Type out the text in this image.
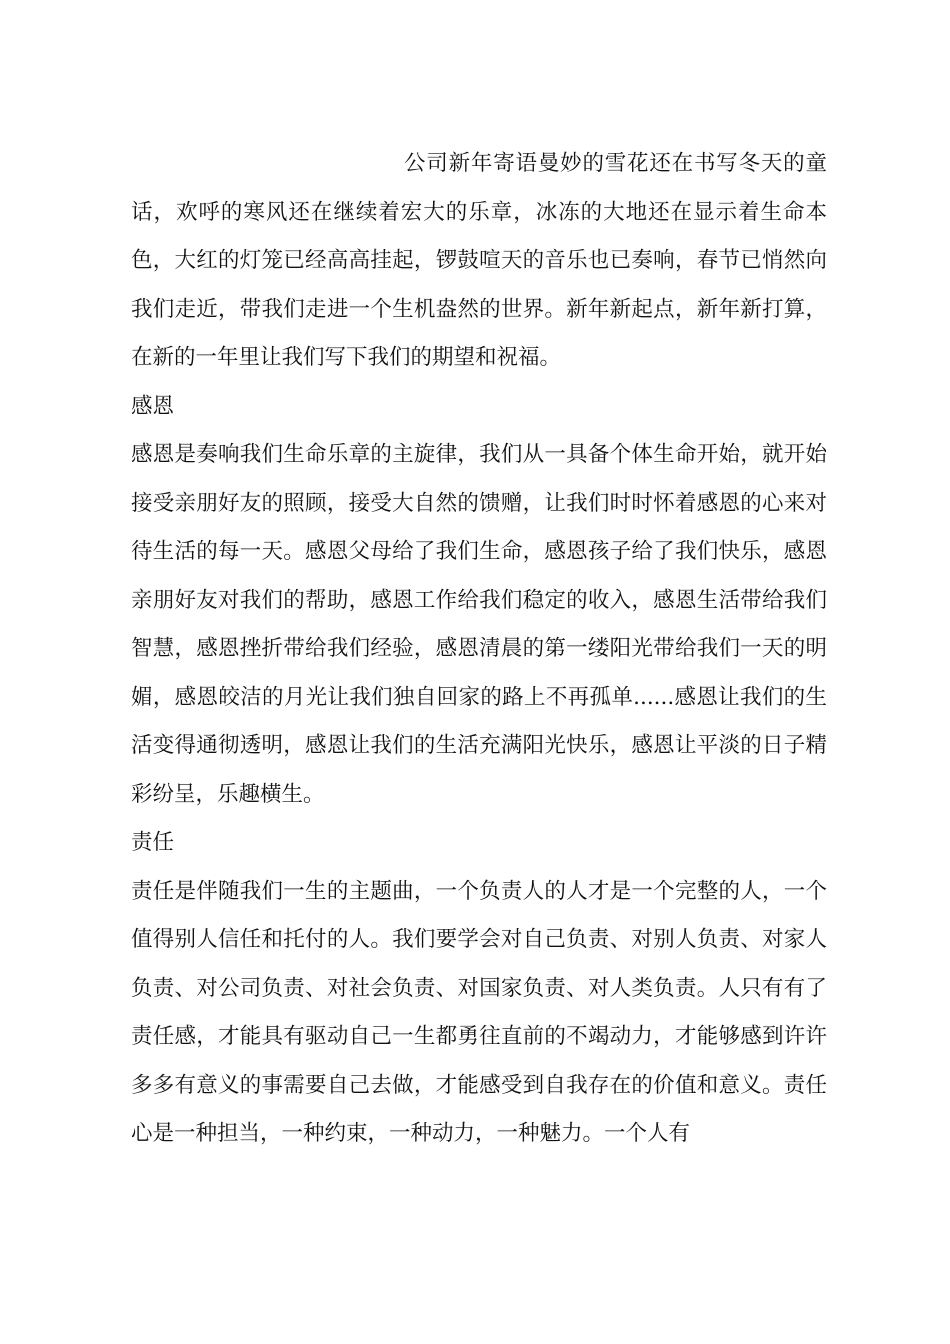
公司新年寄语曼妙的雪花还在书写冬天的童话，欢呼的寒风还在继续着宏大的乐章，冰冻的大地还在显示着生命本色，大红的灯笼已经高高挂起，锣鼓喧天的音乐也已奏响，春节已悄然向我们走近，带我们走进一个生机盎然的世界。新年新起点，新年新打算，在新的一年里让我们写下我们的期望和祝福。

感恩

感恩是奏响我们生命乐章的主旋律，我们从一具备个体生命开始，就开始接受亲朋好友的照顾，接受大自然的馈赠，让我们时时怀着感恩的心来对待生活的每一天。感恩父母给了我们生命，感恩孩子给了我们快乐，感恩亲朋好友对我们的帮助，感恩工作给我们稳定的收入，感恩生活带给我们智慧，感恩挫折带给我们经验，感恩清晨的第一缕阳光带给我们一天的明媚，感恩皎洁的月光让我们独自回家的路上不再孤单......感恩让我们的生活变得通彻透明，感恩让我们的生活充满阳光快乐，感恩让平淡的日子精彩纷呈，乐趣横生。

责任

责任是伴随我们一生的主题曲，一个负责人的人才是一个完整的人，一个值得别人信任和托付的人。我们要学会对自己负责、对别人负责、对家人负责、对公司负责、对社会负责、对国家负责、对人类负责。人只有有了责任感，才能具有驱动自己一生都勇往直前的不竭动力，才能够感到许许多多有意义的事需要自己去做，才能感受到自我存在的价值和意义。责任心是一种担当，一种约束，一种动力，一种魅力。一个人有
